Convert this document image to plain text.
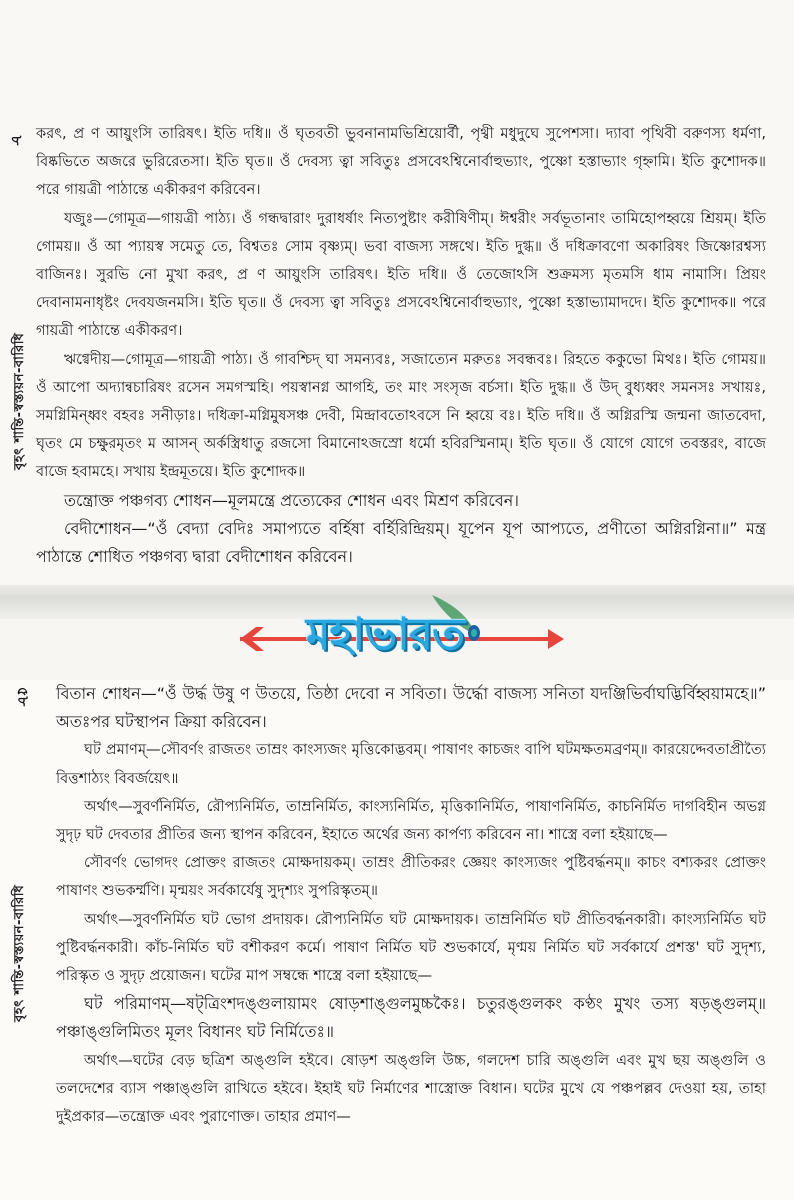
৮
বৃহৎ শান্তি-স্বস্ত্যয়ন-বারিধি

করৎ, প্র ণ আয়ুংসি তারিষৎ। ইতি দধি॥ ওঁ ঘৃতবতী ভুবনানামভিশ্রিয়োর্বী, পৃথ্বী মধুদুঘে সুপেশসা। দ্যাবা পৃথিবী বরুণস্য ধর্মণা, বিষ্কভিতে অজরে ভুরিরেতসা। ইতি ঘৃত॥ ওঁ দেবস্য ত্বা সবিতুঃ প্রসবেঽশ্বিনোর্বাহুভ্যাং, পুষ্ণো হস্তাভ্যাং গৃহ্নামি। ইতি কুশোদক॥ পরে গায়ত্রী পাঠান্তে একীকরণ করিবেন।

যজুঃ—গোমূত্র—গায়ত্রী পাঠ্য। ওঁ গন্ধদ্বারাং দুরাধর্ষাং নিত্যপুষ্টাং করীষিণীম্‌। ঈশ্বরীং সর্বভূতানাং তামিহোপহ্বয়ে শ্রিয়ম্‌। ইতি গোময়॥ ওঁ আ প্যায়স্ব সমেতু তে, বিশ্বতঃ সোম বৃষ্ণ্যম্‌। ভবা বাজস্য সঙ্গথে। ইতি দুগ্ধ॥ ওঁ দধিক্রাবণো অকারিষং জিষ্ণোরশ্বস্য বাজিনঃ। সুরভি নো মুখা করৎ, প্র ণ আয়ুংসি তারিষৎ। ইতি দধি॥ ওঁ তেজোঽসি শুক্রমস্য মৃতমসি ধাম নামাসি। প্রিয়ং দেবানামনাধৃষ্টং দেবযজনমসি। ইতি ঘৃত॥ ওঁ দেবস্য ত্বা সবিতুঃ প্রসবেঽশ্বিনোর্বাহুভ্যাং, পুষ্ণো হস্তাভ্যামাদদে। ইতি কুশোদক॥ পরে গায়ত্রী পাঠান্তে একীকরণ।

ঋগ্বেদীয়—গোমূত্র—গায়ত্রী পাঠ্য। ওঁ গাবশ্চিদ্‌ ঘা সমন্যবঃ, সজাত্যেন মরুতঃ সবন্ধবঃ। রিহতে ককুভো মিথঃ। ইতি গোময়॥ ওঁ আপো অদ্যান্বচারিষং রসেন সমগস্মহি। পয়স্বানগ্ন আগহি, তং মাং সংসৃজ বর্চসা। ইতি দুগ্ধ॥ ওঁ উদ্‌ বুধ্যধ্বং সমনসঃ সখায়ঃ, সমগ্নিমিন্ধ্বং বহবঃ সনীড়াঃ। দধিক্রা-মগ্নিমুষসঞ্চ দেবী, মিন্দ্রাবতোঽবসে নি হ্বয়ে বঃ। ইতি দধি॥ ওঁ অগ্নিরস্মি জন্মনা জাতবেদা, ঘৃতং মে চক্ষুরমৃতং ম আসন্‌ অর্কস্ত্রিধাতু রজসো বিমানোঽজস্রো ধর্মো হবিরস্মিনাম্‌। ইতি ঘৃত॥ ওঁ যোগে যোগে তবস্তরং, বাজে বাজে হবামহে। সখায় ইন্দ্রমূতয়ে। ইতি কুশোদক॥

তন্ত্রোক্ত পঞ্চগব্য শোধন—মূলমন্ত্রে প্রত্যেকের শোধন এবং মিশ্রণ করিবেন।

বেদীশোধন—“ওঁ বেদ্যা বেদিঃ সমাপ্যতে বর্হিষা বর্হিরিন্দ্রিয়ম্‌। যূপেন যূপ আপ্যতে, প্রণীতো অগ্নিরগ্নিনা॥” মন্ত্র পাঠান্তে শোধিত পঞ্চগব্য দ্বারা বেদীশোধন করিবেন।

মহাভারত
৫৮
বৃহৎ শান্তি-স্বস্ত্যয়ন-বারিধি

বিতান শোধন—“ওঁ উর্দ্ধ উষু ণ উতয়ে, তিষ্ঠা দেবো ন সবিতা। উর্দ্ধো বাজস্য সনিতা যদঞ্জিভির্বাঘদ্ভির্বিহ্বয়ামহে॥” অতঃপর ঘটস্থাপন ক্রিয়া করিবেন।

ঘট প্রমাণম্‌—সৌবর্ণং রাজতং তাম্রং কাংস্যজং মৃত্তিকোদ্ভবম্‌। পাষাণং কাচজং বাপি ঘটমক্ষতমব্রণম্‌॥ কারয়েদ্দেবতাপ্রীত্যৈ বিত্তশাঠ্যং বিবর্জয়েৎ॥

অর্থাৎ—সুবর্ণনির্মিত, রৌপ্যনির্মিত, তাম্রনির্মিত, কাংস্যনির্মিত, মৃত্তিকানির্মিত, পাষাণনির্মিত, কাচনির্মিত দাগবিহীন অভগ্ন সুদৃঢ় ঘট দেবতার প্রীতির জন্য স্থাপন করিবেন, ইহাতে অর্থের জন্য কার্পণ্য করিবেন না। শাস্ত্রে বলা হইয়াছে—

সৌবর্ণং ভোগদং প্রোক্তং রাজতং মোক্ষদায়কম্‌। তাম্রং প্রীতিকরং জ্ঞেয়ং কাংস্যজং পুষ্টিবর্দ্ধনম্‌॥ কাচং বশ্যকরং প্রোক্তং পাষাণং শুভকর্ম্মণি। মৃন্ময়ং সর্বকার্যেষু সুদৃশ্যং সুপরিস্কৃতম্‌॥

অর্থাৎ—সুবর্ণনির্মিত ঘট ভোগ প্রদায়ক। রৌপ্যনির্মিত ঘট মোক্ষদায়ক। তাম্রনির্মিত ঘট প্রীতিবর্দ্ধনকারী। কাংস্যনির্মিত ঘট পুষ্টিবর্দ্ধনকারী। কাঁচ-নির্মিত ঘট বশীকরণ কর্মে। পাষাণ নির্মিত ঘট শুভকার্যে, মৃণ্ময় নির্মিত ঘট সর্বকার্যে প্রশস্ত' ঘট সুদৃশ্য, পরিস্কৃত ও সুদৃঢ় প্রয়োজন। ঘটের মাপ সম্বন্ধে শাস্ত্রে বলা হইয়াছে—

ঘট পরিমাণম্‌—ষট্‌ত্রিংশদঙ্গুলায়ামং ষোড়শাঙ্গুলমুচ্চকৈঃ। চতুরঙ্গুলকং কণ্ঠং মুখং তস্য ষড়ঙ্গুলম্‌॥ পঞ্চাঙ্গুলিমিতং মূলং বিধানং ঘট নির্মিতেঃ॥

অর্থাৎ—ঘটের বেড় ছত্রিশ অঙ্গুলি হইবে। ষোড়শ অঙ্গুলি উচ্চ, গলদেশ চারি অঙ্গুলি এবং মুখ ছয় অঙ্গুলি ও তলদেশের ব্যাস পঞ্চাঙ্গুলি রাখিতে হইবে। ইহাই ঘট নির্মাণের শাস্ত্রোক্ত বিধান। ঘটের মুখে যে পঞ্চপল্লব দেওয়া হয়, তাহা দুইপ্রকার—তন্ত্রোক্ত এবং পুরাণোক্ত। তাহার প্রমাণ—
